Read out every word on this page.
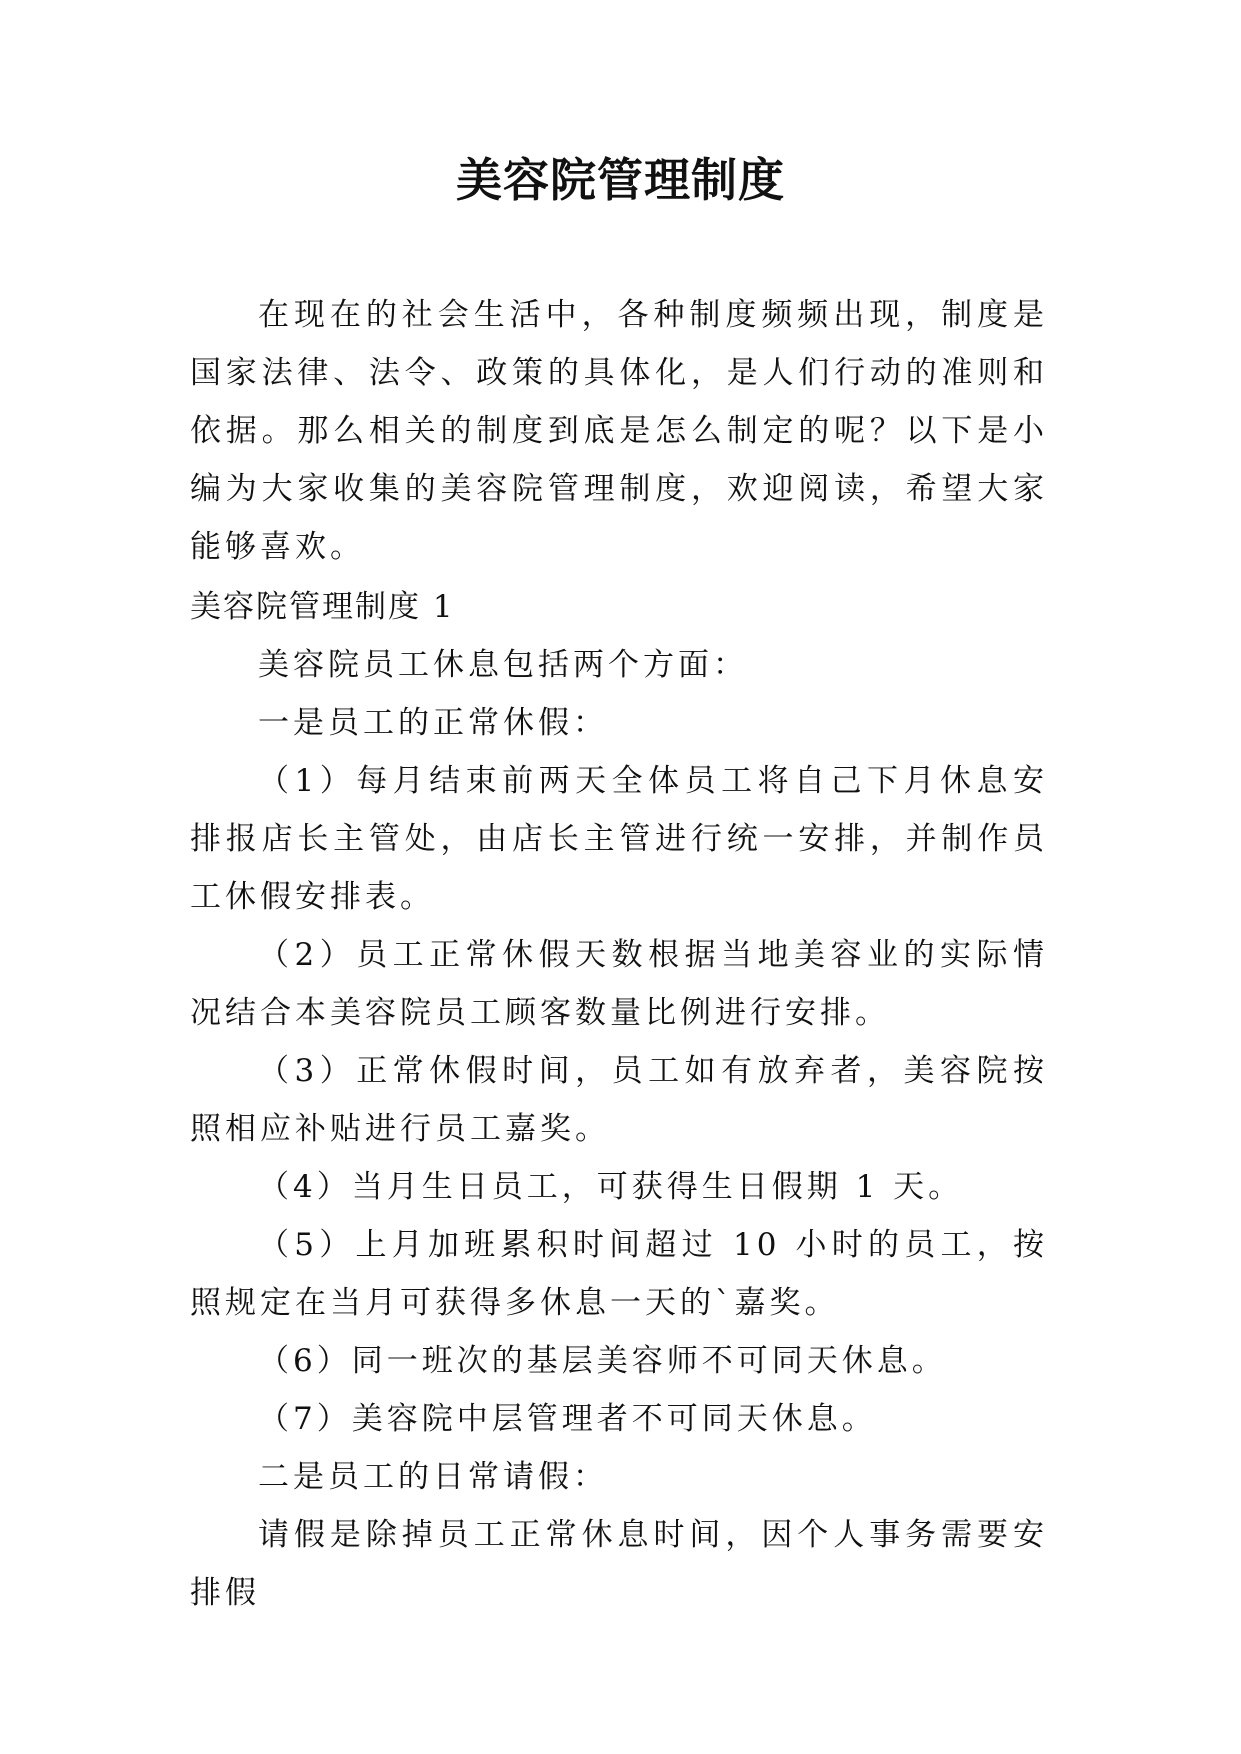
美容院管理制度

在现在的社会生活中，各种制度频频出现，制度是国家法律、法令、政策的具体化，是人们行动的准则和依据。那么相关的制度到底是怎么制定的呢？以下是小编为大家收集的美容院管理制度，欢迎阅读，希望大家能够喜欢。

美容院管理制度 1

美容院员工休息包括两个方面：

一是员工的正常休假：

（1）每月结束前两天全体员工将自己下月休息安排报店长主管处，由店长主管进行统一安排，并制作员工休假安排表。

（2）员工正常休假天数根据当地美容业的实际情况结合本美容院员工顾客数量比例进行安排。

（3）正常休假时间，员工如有放弃者，美容院按照相应补贴进行员工嘉奖。

（4）当月生日员工，可获得生日假期 1 天。

（5）上月加班累积时间超过 10 小时的员工，按照规定在当月可获得多休息一天的`嘉奖。

（6）同一班次的基层美容师不可同天休息。

（7）美容院中层管理者不可同天休息。

二是员工的日常请假：

请假是除掉员工正常休息时间，因个人事务需要安排假
